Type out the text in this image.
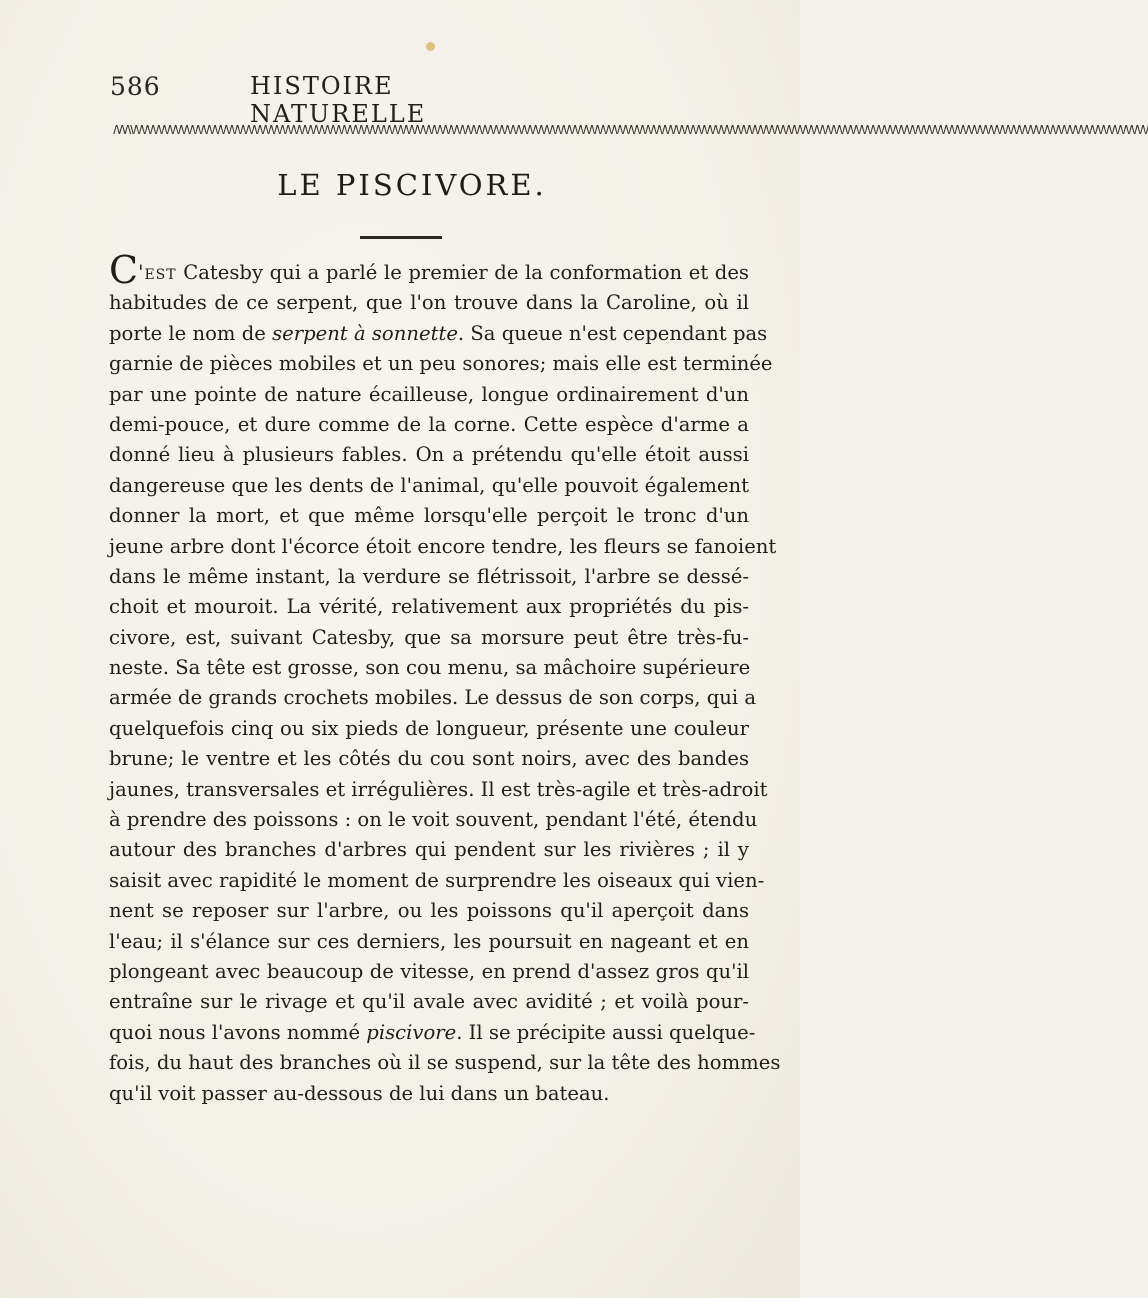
586	HISTOIRE NATURELLE
ΛΛΛVVVVVVVVVVVVVVVVVVVVVVVVVVVVVVVVVVVVVVVVVVVVVVVVVVVVVVVVVVVVVVVVVVVVVVVVVVVVVVVVVVVVVVVVVVVVVVVVVVVVVVVVVVVVVVVVVVVVVVVVVVVVVVVVVVVVVVVVVVVVVVVVVVVVVVVVVVVVVVVVVVVVVVVVVVVVVVVVVVVVV
LE PISCIVORE.
C'est Catesby qui a parlé le premier de la conformation et des
habitudes de ce serpent, que l'on trouve dans la Caroline, où il
porte le nom de serpent à sonnette. Sa queue n'est cependant pas
garnie de pièces mobiles et un peu sonores; mais elle est terminée
par une pointe de nature écailleuse, longue ordinairement d'un
demi-pouce, et dure comme de la corne. Cette espèce d'arme a
donné lieu à plusieurs fables. On a prétendu qu'elle étoit aussi
dangereuse que les dents de l'animal, qu'elle pouvoit également
donner la mort, et que même lorsqu'elle perçoit le tronc d'un
jeune arbre dont l'écorce étoit encore tendre, les fleurs se fanoient
dans le même instant, la verdure se flétrissoit, l'arbre se dessé-
choit et mouroit. La vérité, relativement aux propriétés du pis-
civore, est, suivant Catesby, que sa morsure peut être très-fu-
neste. Sa tête est grosse, son cou menu, sa mâchoire supérieure
armée de grands crochets mobiles. Le dessus de son corps, qui a
quelquefois cinq ou six pieds de longueur, présente une couleur
brune; le ventre et les côtés du cou sont noirs, avec des bandes
jaunes, transversales et irrégulières. Il est très-agile et très-adroit
à prendre des poissons : on le voit souvent, pendant l'été, étendu
autour des branches d'arbres qui pendent sur les rivières ; il y
saisit avec rapidité le moment de surprendre les oiseaux qui vien-
nent se reposer sur l'arbre, ou les poissons qu'il aperçoit dans
l'eau; il s'élance sur ces derniers, les poursuit en nageant et en
plongeant avec beaucoup de vitesse, en prend d'assez gros qu'il
entraîne sur le rivage et qu'il avale avec avidité ; et voilà pour-
quoi nous l'avons nommé piscivore. Il se précipite aussi quelque-
fois, du haut des branches où il se suspend, sur la tête des hommes
qu'il voit passer au-dessous de lui dans un bateau.
